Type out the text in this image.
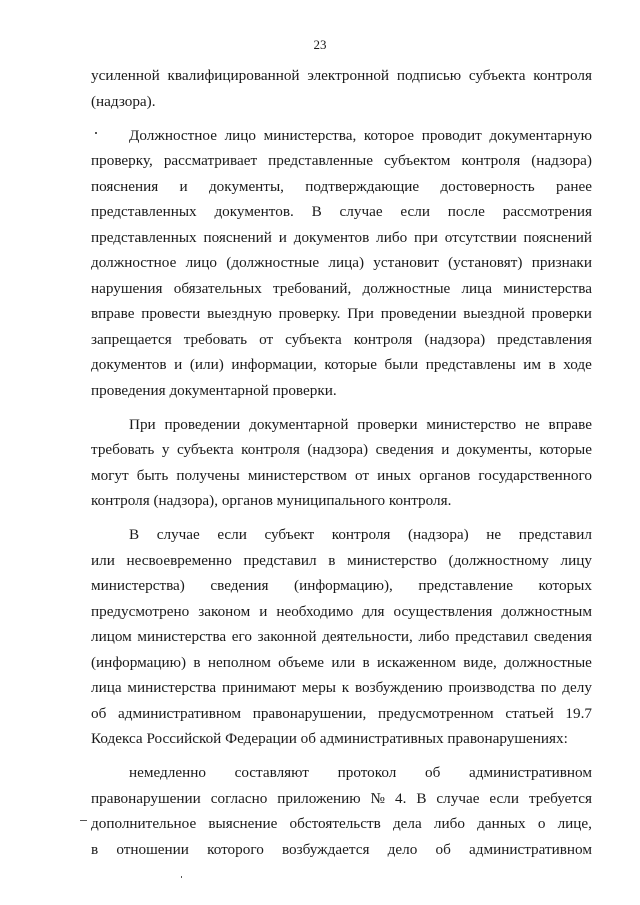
23
усиленной квалифицированной электронной подписью субъекта контроля
(надзора).
Должностное лицо министерства, которое проводит документарную
проверку, рассматривает представленные субъектом контроля (надзора)
пояснения и документы, подтверждающие достоверность ранее
представленных документов. В случае если после рассмотрения
представленных пояснений и документов либо при отсутствии пояснений
должностное лицо (должностные лица) установит (установят) признаки
нарушения обязательных требований, должностные лица министерства
вправе провести выездную проверку. При проведении выездной проверки
запрещается требовать от субъекта контроля (надзора) представления
документов и (или) информации, которые были представлены им в ходе
проведения документарной проверки.
При проведении документарной проверки министерство не вправе
требовать у субъекта контроля (надзора) сведения и документы, которые
могут быть получены министерством от иных органов государственного
контроля (надзора), органов муниципального контроля.
В случае если субъект контроля (надзора) не представил
или несвоевременно представил в министерство (должностному лицу
министерства) сведения (информацию), представление которых
предусмотрено законом и необходимо для осуществления должностным
лицом министерства его законной деятельности, либо представил сведения
(информацию) в неполном объеме или в искаженном виде, должностные
лица министерства принимают меры к возбуждению производства по делу
об административном правонарушении, предусмотренном статьей 19.7
Кодекса Российской Федерации об административных правонарушениях:
немедленно составляют протокол об административном
правонарушении согласно приложению № 4. В случае если требуется
дополнительное выяснение обстоятельств дела либо данных о лице,
в отношении которого возбуждается дело об административном
